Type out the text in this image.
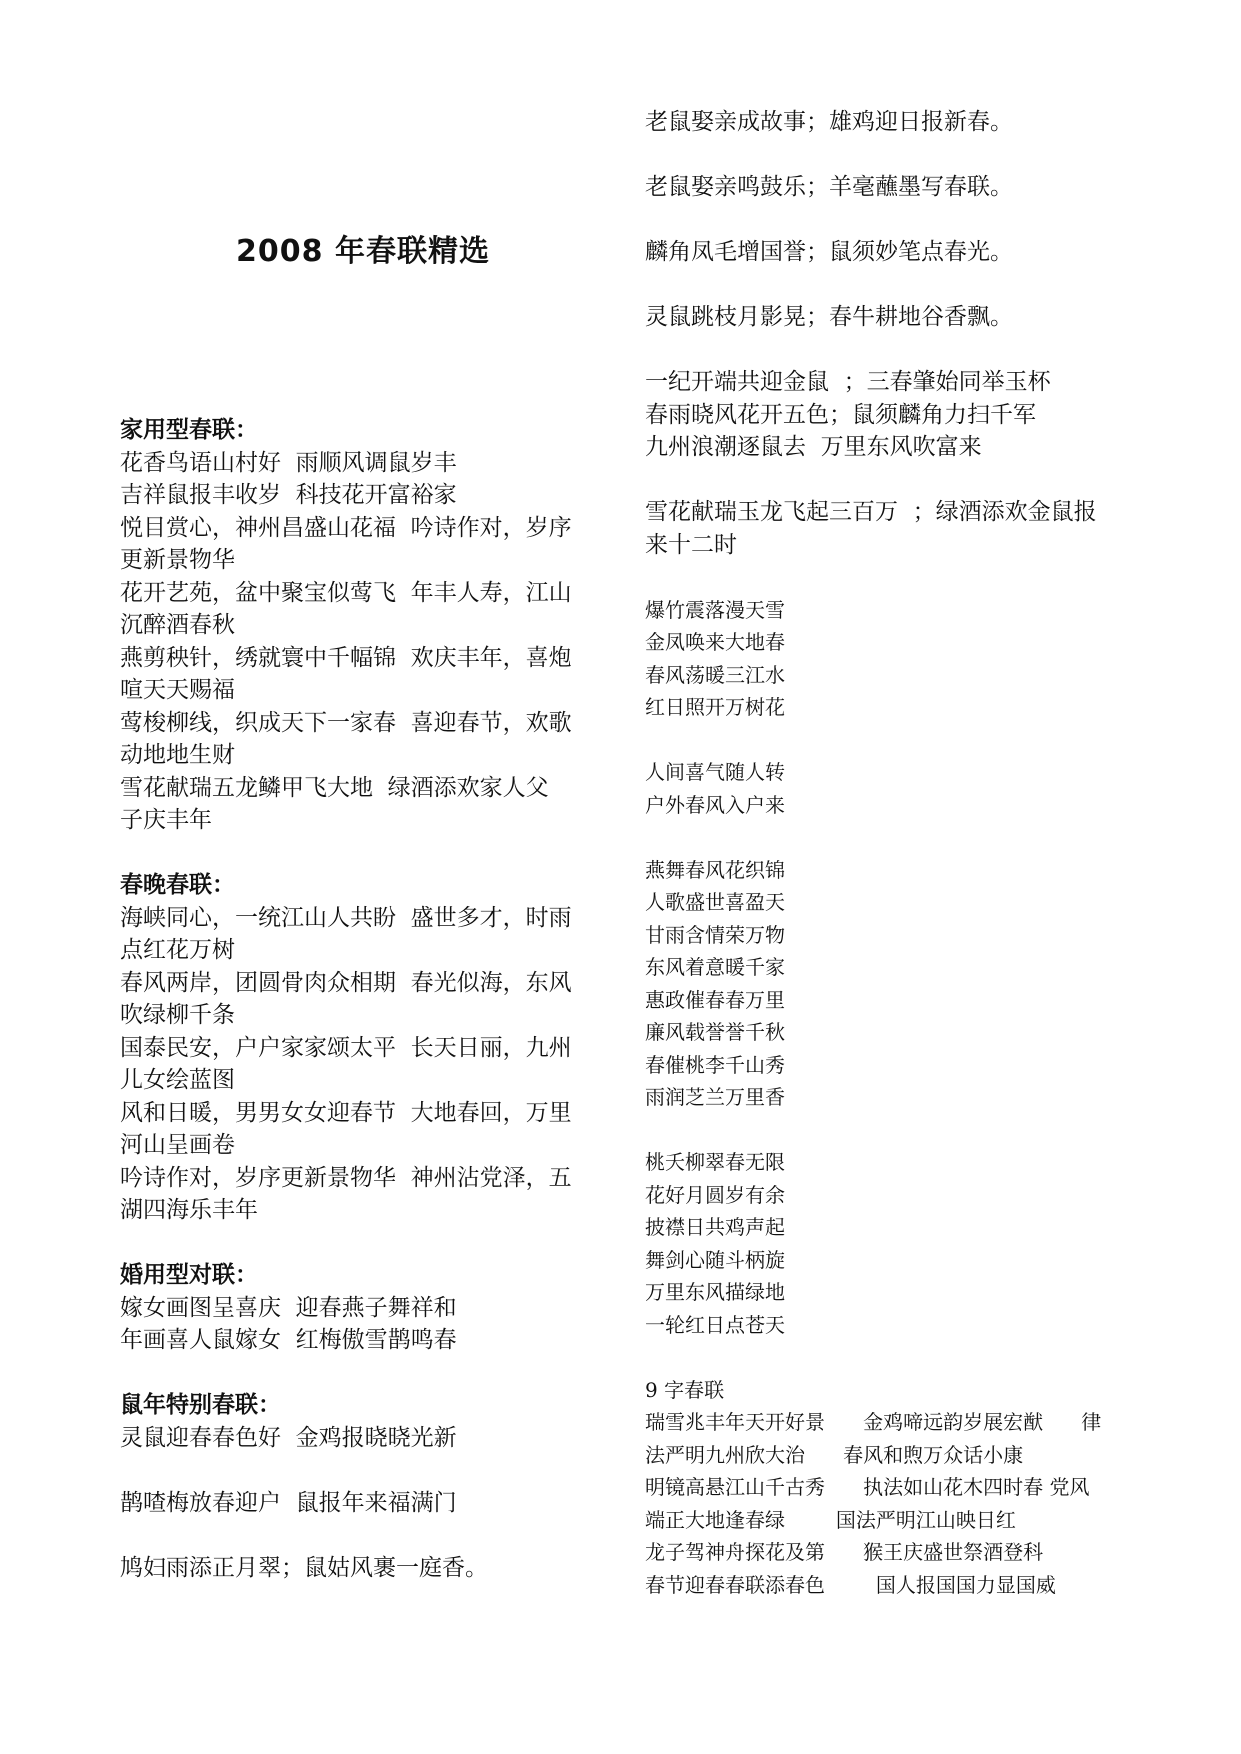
2008 年春联精选
家用型春联：
花香鸟语山村好  雨顺风调鼠岁丰
吉祥鼠报丰收岁  科技花开富裕家
悦目赏心，神州昌盛山花福  吟诗作对，岁序
更新景物华
花开艺苑，盆中聚宝似莺飞  年丰人寿，江山
沉醉酒春秋
燕剪秧针，绣就寰中千幅锦  欢庆丰年，喜炮
喧天天赐福
莺梭柳线，织成天下一家春  喜迎春节，欢歌
动地地生财
雪花献瑞五龙鳞甲飞大地  绿酒添欢家人父
子庆丰年

春晚春联：
海峡同心，一统江山人共盼  盛世多才，时雨
点红花万树
春风两岸，团圆骨肉众相期  春光似海，东风
吹绿柳千条
国泰民安，户户家家颂太平  长天日丽，九州
儿女绘蓝图
风和日暖，男男女女迎春节  大地春回，万里
河山呈画卷
吟诗作对，岁序更新景物华  神州沾党泽，五
湖四海乐丰年

婚用型对联：
嫁女画图呈喜庆  迎春燕子舞祥和
年画喜人鼠嫁女  红梅傲雪鹊鸣春

鼠年特别春联：
灵鼠迎春春色好  金鸡报晓晓光新

鹊喳梅放春迎户  鼠报年来福满门

鸠妇雨添正月翠；鼠姑风裹一庭香。
老鼠娶亲成故事；雄鸡迎日报新春。

老鼠娶亲鸣鼓乐；羊毫蘸墨写春联。

麟角凤毛增国誉；鼠须妙笔点春光。

灵鼠跳枝月影晃；春牛耕地谷香飘。

一纪开端共迎金鼠  ；三春肇始同举玉杯
春雨晓风花开五色；鼠须麟角力扫千军
九州浪潮逐鼠去  万里东风吹富来

雪花献瑞玉龙飞起三百万  ；绿酒添欢金鼠报
来十二时

爆竹震落漫天雪
金凤唤来大地春
春风荡暖三江水
红日照开万树花

人间喜气随人转
户外春风入户来

燕舞春风花织锦
人歌盛世喜盈天
甘雨含情荣万物
东风着意暖千家
惠政催春春万里
廉风载誉誉千秋
春催桃李千山秀
雨润芝兰万里香

桃夭柳翠春无限
花好月圆岁有余
披襟日共鸡声起
舞剑心随斗柄旋
万里东风描绿地
一轮红日点苍天

9 字春联
瑞雪兆丰年天开好景      金鸡啼远韵岁展宏猷      律
法严明九州欣大治      春风和煦万众话小康
明镜高悬江山千古秀      执法如山花木四时春 党风
端正大地逢春绿        国法严明江山映日红
龙子驾神舟探花及第      猴王庆盛世祭酒登科
春节迎春春联添春色        国人报国国力显国威
